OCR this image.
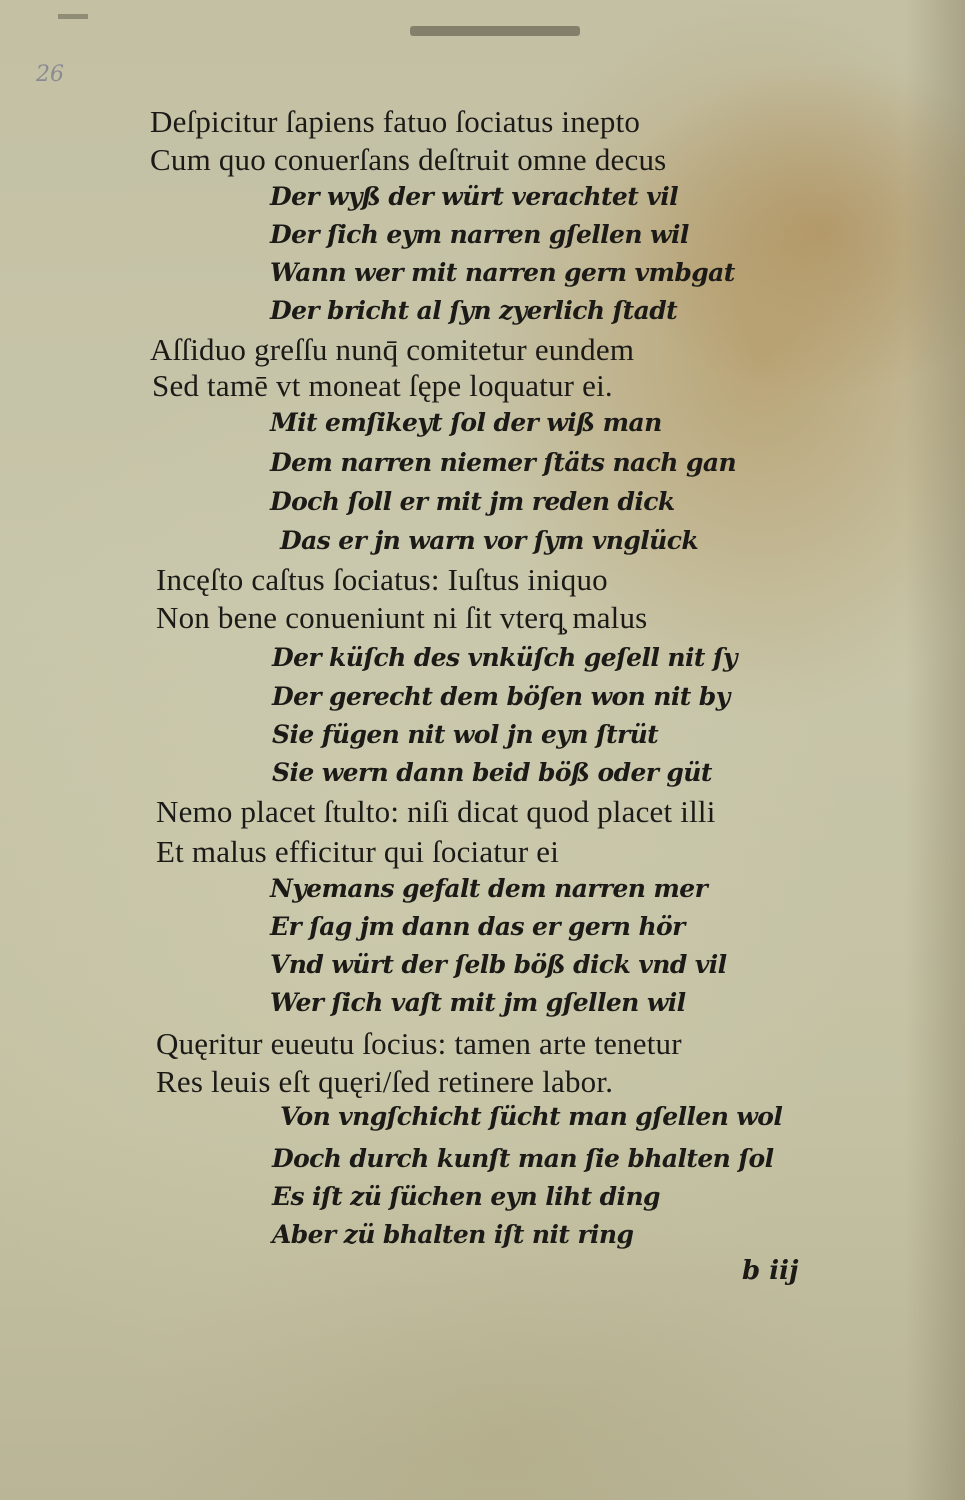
26
Deſpicitur ſapiens fatuo ſociatus inepto
Cum quo conuerſans deſtruit omne decus
Der wyß der würt verachtet vil
Der ſich eym narren gſellen wil
Wann wer mit narren gern vmbgat
Der bricht al ſyn zyerlich ſtadt
Aſſiduo greſſu nunq̄ comitetur eundem
Sed tamē vt moneat ſępe loquatur ei.
Mit emſikeyt ſol der wiß man
Dem narren niemer ſtäts nach gan
Doch ſoll er mit jm reden dick
Das er jn warn vor ſym vnglück
Incęſto caſtus ſociatus: Iuſtus iniquo
Non bene conueniunt ni ſit vterq̧ malus
Der küſch des vnküſch geſell nit ſy
Der gerecht dem böſen won nit by
Sie fügen nit wol jn eyn ſtrüt
Sie wern dann beid böß oder güt
Nemo placet ſtulto: niſi dicat quod placet illi
Et malus efficitur qui ſociatur ei
Nyemans gefalt dem narren mer
Er ſag jm dann das er gern hör
Vnd würt der ſelb böß dick vnd vil
Wer ſich vaſt mit jm gſellen wil
Quęritur eueutu ſocius: tamen arte tenetur
Res leuis eſt quęri/ſed retinere labor.
Von vngſchicht ſücht man gſellen wol
Doch durch kunſt man ſie bhalten ſol
Es iſt zü ſüchen eyn liht ding
Aber zü bhalten iſt nit ring
b iij
